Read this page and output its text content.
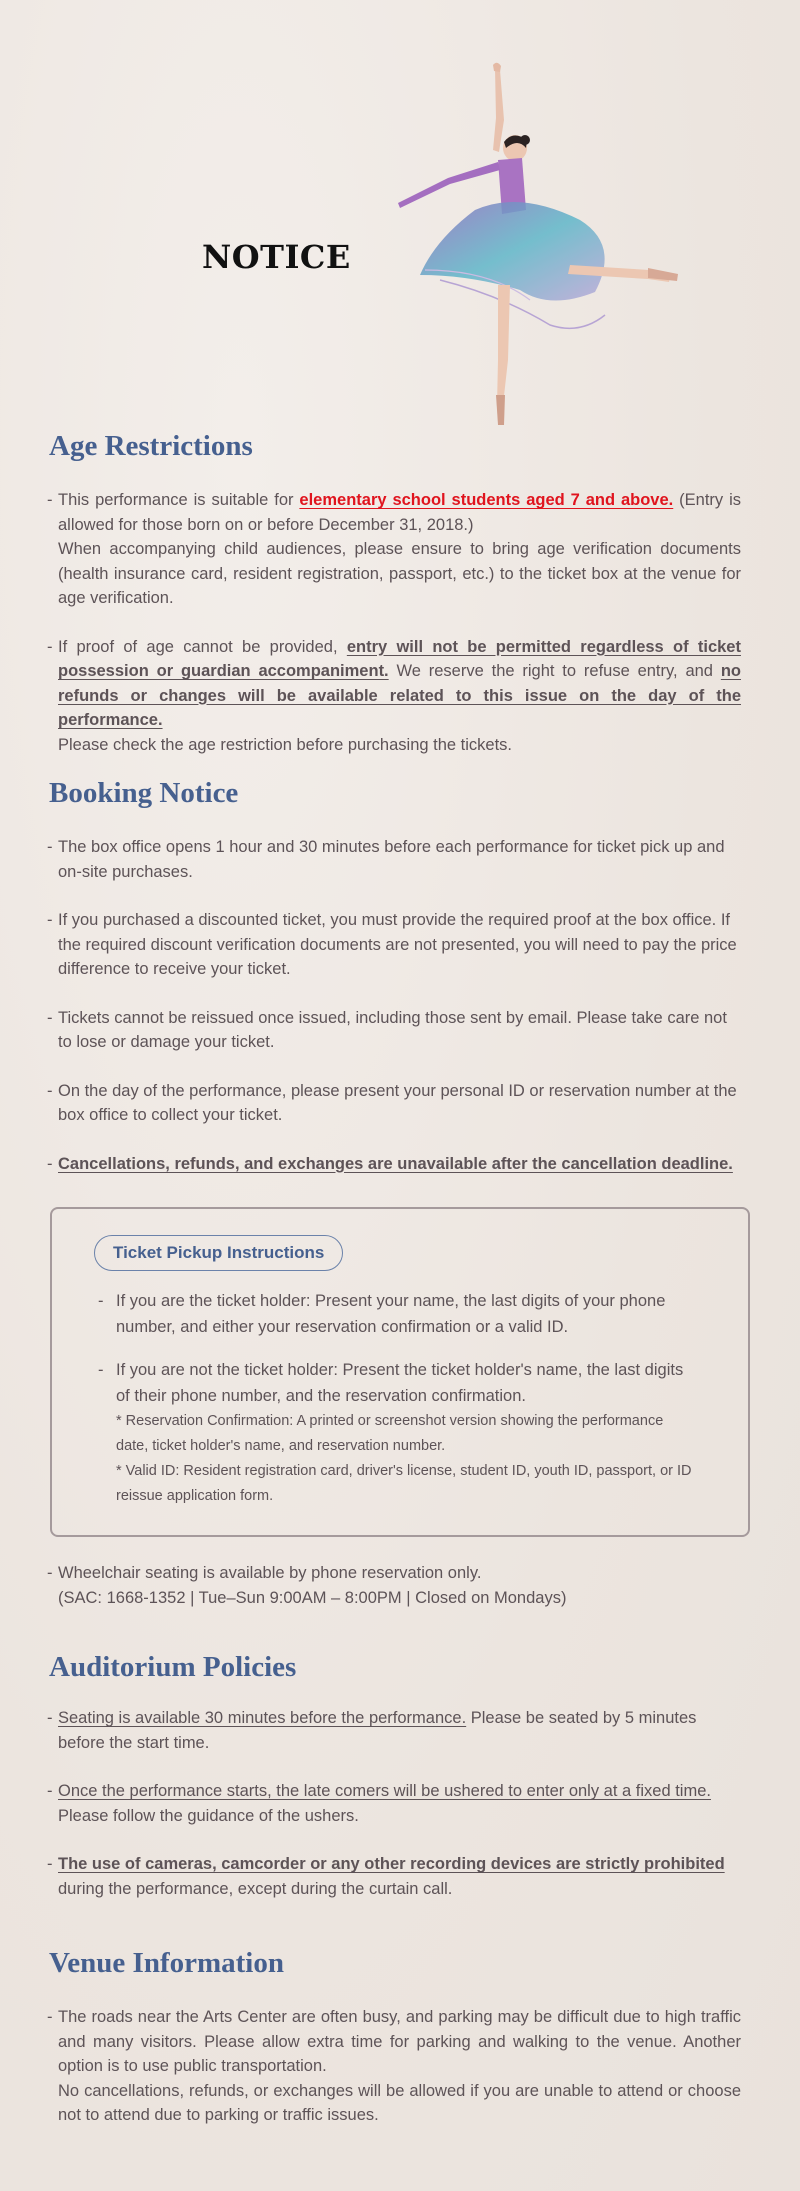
NOTICE
Age Restrictions
- This performance is suitable for elementary school students aged 7 and above. (Entry is allowed for those born on or before December 31, 2018.)
When accompanying child audiences, please ensure to bring age verification documents (health insurance card, resident registration, passport, etc.) to the ticket box at the venue for age verification.
- If proof of age cannot be provided, entry will not be permitted regardless of ticket possession or guardian accompaniment. We reserve the right to refuse entry, and no refunds or changes will be available related to this issue on the day of the performance.
Please check the age restriction before purchasing the tickets.
Booking Notice
- The box office opens 1 hour and 30 minutes before each performance for ticket pick up and on-site purchases.
- If you purchased a discounted ticket, you must provide the required proof at the box office. If the required discount verification documents are not presented, you will need to pay the price difference to receive your ticket.
- Tickets cannot be reissued once issued, including those sent by email. Please take care not to lose or damage your ticket.
- On the day of the performance, please present your personal ID or reservation number at the box office to collect your ticket.
- Cancellations, refunds, and exchanges are unavailable after the cancellation deadline.
Ticket Pickup Instructions
- If you are the ticket holder: Present your name, the last digits of your phone number, and either your reservation confirmation or a valid ID.
- If you are not the ticket holder: Present the ticket holder's name, the last digits of their phone number, and the reservation confirmation.
* Reservation Confirmation: A printed or screenshot version showing the performance date, ticket holder's name, and reservation number.
* Valid ID: Resident registration card, driver's license, student ID, youth ID, passport, or ID reissue application form.
- Wheelchair seating is available by phone reservation only.
(SAC: 1668-1352 | Tue–Sun 9:00AM – 8:00PM | Closed on Mondays)
Auditorium Policies
- Seating is available 30 minutes before the performance. Please be seated by 5 minutes before the start time.
- Once the performance starts, the late comers will be ushered to enter only at a fixed time.
Please follow the guidance of the ushers.
- The use of cameras, camcorder or any other recording devices are strictly prohibited
during the performance, except during the curtain call.
Venue Information
- The roads near the Arts Center are often busy, and parking may be difficult due to high traffic and many visitors. Please allow extra time for parking and walking to the venue. Another option is to use public transportation.
No cancellations, refunds, or exchanges will be allowed if you are unable to attend or choose not to attend due to parking or traffic issues.
